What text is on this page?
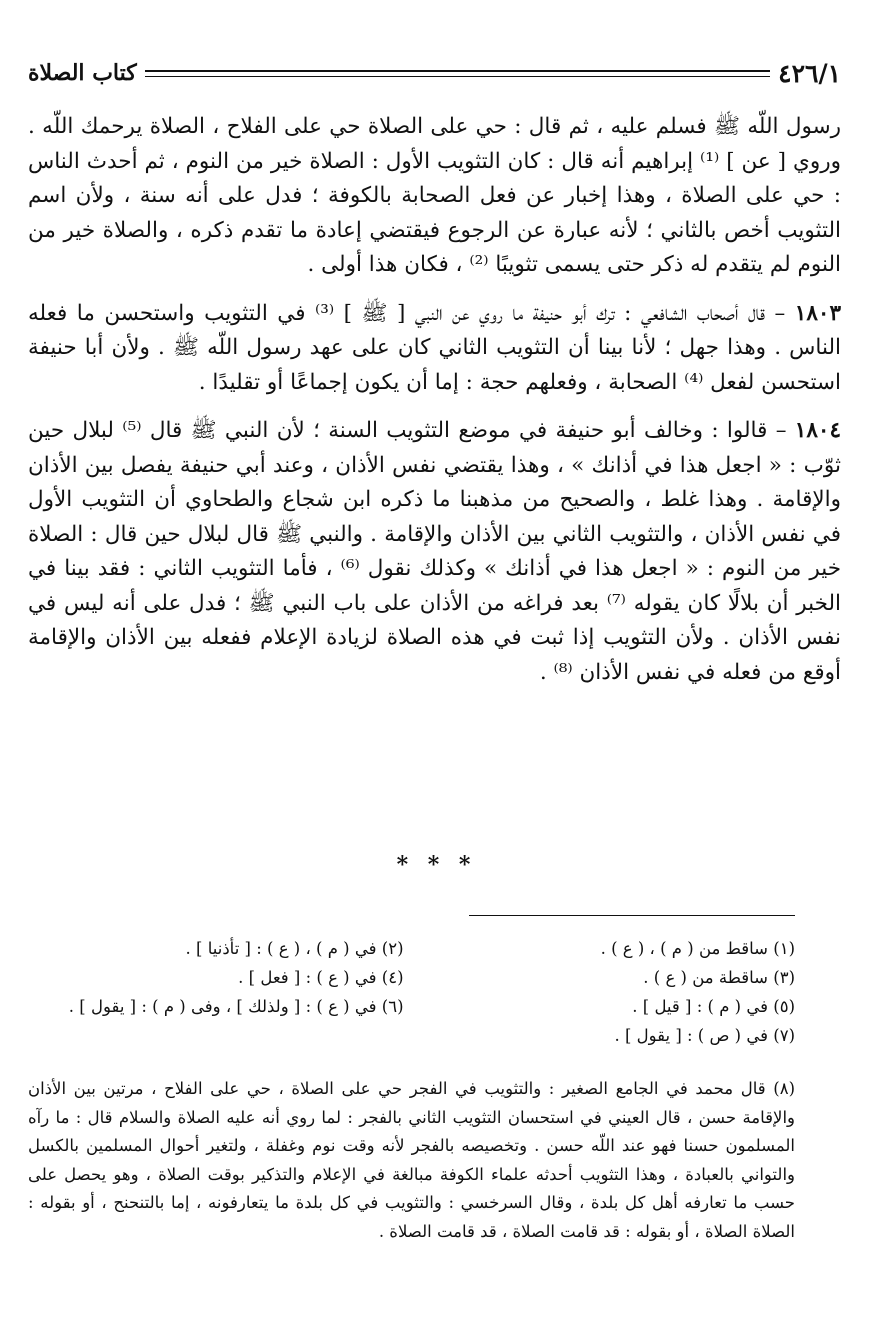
٤٢٦/١
كتاب الصلاة

رسول اللّه ﷺ فسلم عليه ، ثم قال : حي على الصلاة حي على الفلاح ، الصلاة يرحمك اللّه . وروي [ عن ] ⁽¹⁾ إبراهيم أنه قال : كان التثويب الأول : الصلاة خير من النوم ، ثم أحدث الناس : حي على الصلاة ، وهذا إخبار عن فعل الصحابة بالكوفة ؛ فدل على أنه سنة ، ولأن اسم التثويب أخص بالثاني ؛ لأنه عبارة عن الرجوع فيقتضي إعادة ما تقدم ذكره ، والصلاة خير من النوم لم يتقدم له ذكر حتى يسمى تثويبًا ⁽²⁾ ، فكان هذا أولى .

١٨٠٣ – قال أصحاب الشافعي : ترك أبو حنيفة ما روي عن النبي [ ﷺ ] ⁽³⁾ في التثويب واستحسن ما فعله الناس . وهذا جهل ؛ لأنا بينا أن التثويب الثاني كان على عهد رسول اللّه ﷺ . ولأن أبا حنيفة استحسن لفعل ⁽⁴⁾ الصحابة ، وفعلهم حجة : إما أن يكون إجماعًا أو تقليدًا .

١٨٠٤ – قالوا : وخالف أبو حنيفة في موضع التثويب السنة ؛ لأن النبي ﷺ قال ⁽⁵⁾ لبلال حين ثوّب : « اجعل هذا في أذانك » ، وهذا يقتضي نفس الأذان ، وعند أبي حنيفة يفصل بين الأذان والإقامة . وهذا غلط ، والصحيح من مذهبنا ما ذكره ابن شجاع والطحاوي أن التثويب الأول في نفس الأذان ، والتثويب الثاني بين الأذان والإقامة . والنبي ﷺ قال لبلال حين قال : الصلاة خير من النوم : « اجعل هذا في أذانك » وكذلك نقول ⁽⁶⁾ ، فأما التثويب الثاني : فقد بينا في الخبر أن بلالًا كان يقوله ⁽⁷⁾ بعد فراغه من الأذان على باب النبي ﷺ ؛ فدل على أنه ليس في نفس الأذان . ولأن التثويب إذا ثبت في هذه الصلاة لزيادة الإعلام ففعله بين الأذان والإقامة أوقع من فعله في نفس الأذان ⁽⁸⁾ .

* * *
(١) ساقط من ( م ) ، ( ع ) .
(٢) في ( م ) ، ( ع ) : [ تأذنيا ] .
(٣) ساقطة من ( ع ) .
(٤) في ( ع ) : [ فعل ] .
(٥) في ( م ) : [ قيل ] .
(٦) في ( ع ) : [ ولذلك ] ، وفى ( م ) : [ يقول ] .
(٧) في ( ص ) : [ يقول ] .
(٨) قال محمد في الجامع الصغير : والتثويب في الفجر حي على الصلاة ، حي على الفلاح ، مرتين بين الأذان والإقامة حسن ، قال العيني في استحسان التثويب الثاني بالفجر : لما روي أنه عليه الصلاة والسلام قال : ما رآه المسلمون حسنا فهو عند اللّه حسن . وتخصيصه بالفجر لأنه وقت نوم وغفلة ، ولتغير أحوال المسلمين بالكسل والتواني بالعبادة ، وهذا التثويب أحدثه علماء الكوفة مبالغة في الإعلام والتذكير بوقت الصلاة ، وهو يحصل على حسب ما تعارفه أهل كل بلدة ، وقال السرخسي : والتثويب في كل بلدة ما يتعارفونه ، إما بالتنحنح ، أو بقوله : الصلاة الصلاة ، أو بقوله : قد قامت الصلاة ، قد قامت الصلاة .
